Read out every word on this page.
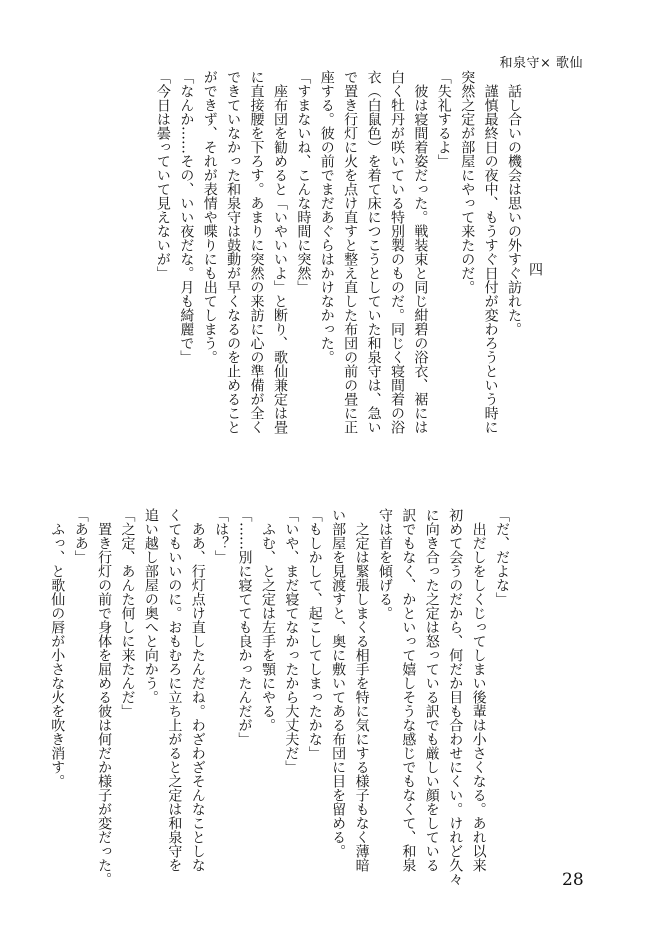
和泉守× 歌仙
四
　話し合いの機会は思いの外すぐ訪れた。
　謹慎最終日の夜中、もうすぐ日付が変わろうという時に
突然之定が部屋にやって来たのだ。
「失礼するよ」
　彼は寝間着姿だった。戦装束と同じ紺碧の浴衣、裾には
白く牡丹が咲いている特別製のものだ。同じく寝間着の浴
衣（白鼠色）を着て床につこうとしていた和泉守は、急い
で置き行灯に火を点け直すと整え直した布団の前の畳に正
座する。彼の前でまだあぐらはかけなかった。
「すまないね、こんな時間に突然」
　座布団を勧めると「いやいいよ」と断り、歌仙兼定は畳
に直接腰を下ろす。あまりに突然の来訪に心の準備が全く
できていなかった和泉守は鼓動が早くなるのを止めること
ができず、それが表情や喋りにも出てしまう。
「なんか……その、いい夜だな。月も綺麗で」
「今日は曇っていて見えないが」
「だ、だよな」
　出だしをしくじってしまい後輩は小さくなる。あれ以来
初めて会うのだから、何だか目も合わせにくい。けれど久々
に向き合った之定は怒っている訳でも厳しい顔をしている
訳でもなく、かといって嬉しそうな感じでもなくて、和泉
守は首を傾げる。
　之定は緊張しまくる相手を特に気にする様子もなく薄暗
い部屋を見渡すと、奥に敷いてある布団に目を留める。
「もしかして、起こしてしまったかな」
「いや、まだ寝てなかったから大丈夫だ」
　ふむ、と之定は左手を顎にやる。
「……別に寝てても良かったんだが」
「は？」
　ああ、行灯点け直したんだね。わざわざそんなことしな
くてもいいのに。おもむろに立ち上がると之定は和泉守を
追い越し部屋の奥へと向かう。
「之定、あんた何しに来たんだ」
　置き行灯の前で身体を屈める彼は何だか様子が変だった。
「ああ」
　ふっ、と歌仙の唇が小さな火を吹き消す。
28
